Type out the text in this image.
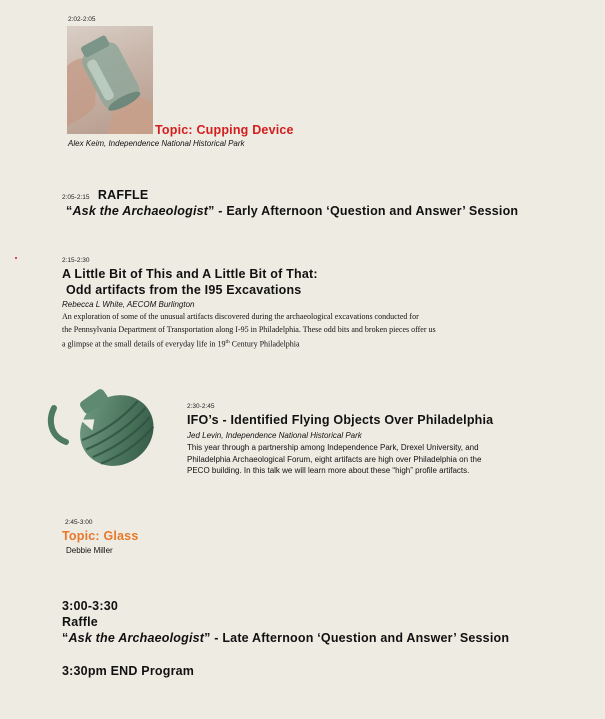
2:02-2:05
Topic: Cupping Device
Alex Keim, Independence National Historical Park
2:05-2:15 RAFFLE
“Ask the Archaeologist” - Early Afternoon ‘Question and Answer’ Session
2:15-2:30
A Little Bit of This and A Little Bit of That:
Odd artifacts from the I95 Excavations
Rebecca L White, AECOM Burlington
An exploration of some of the unusual artifacts discovered during the archaeological excavations conducted for
the Pennsylvania Department of Transportation along I-95 in Philadelphia. These odd bits and broken pieces offer us
a glimpse at the small details of everyday life in 19th Century Philadelphia
2:30-2:45
IFO’s - Identified Flying Objects Over Philadelphia
Jed Levin, Independence National Historical Park
This year through a partnership among Independence Park, Drexel University, and
Philadelphia Archaeological Forum, eight artifacts are high over Philadelphia on the
PECO building. In this talk we will learn more about these “high” profile artifacts.
2:45-3:00
Topic: Glass
Debbie Miller
3:00-3:30
Raffle
“Ask the Archaeologist” - Late Afternoon ‘Question and Answer’ Session
3:30pm END Program
